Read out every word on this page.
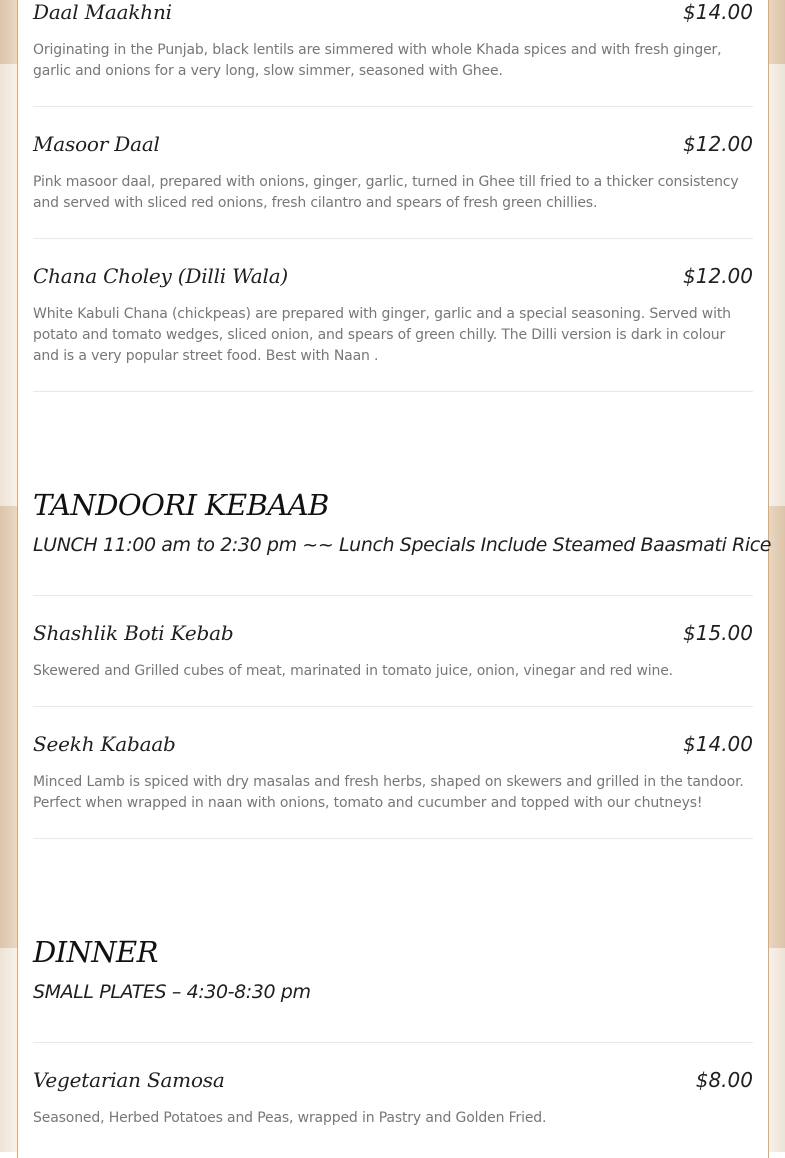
Daal Maakhni	$14.00
Originating in the Punjab, black lentils are simmered with whole Khada spices and with fresh ginger, garlic and onions for a very long, slow simmer, seasoned with Ghee.
Masoor Daal	$12.00
Pink masoor daal, prepared with onions, ginger, garlic, turned in Ghee till fried to a thicker consistency and served with sliced red onions, fresh cilantro and spears of fresh green chillies.
Chana Choley (Dilli Wala)	$12.00
White Kabuli Chana (chickpeas) are prepared with ginger, garlic and a special seasoning. Served with potato and tomato wedges, sliced onion, and spears of green chilly. The Dilli version is dark in colour and is a very popular street food. Best with Naan .
TANDOORI KEBAAB
LUNCH 11:00 am to 2:30 pm ~~ Lunch Specials Include Steamed Baasmati Rice
Shashlik Boti Kebab	$15.00
Skewered and Grilled cubes of meat, marinated in tomato juice, onion, vinegar and red wine.
Seekh Kabaab	$14.00
Minced Lamb is spiced with dry masalas and fresh herbs, shaped on skewers and grilled in the tandoor. Perfect when wrapped in naan with onions, tomato and cucumber and topped with our chutneys!
DINNER
SMALL PLATES – 4:30-8:30 pm
Vegetarian Samosa	$8.00
Seasoned, Herbed Potatoes and Peas, wrapped in Pastry and Golden Fried.
